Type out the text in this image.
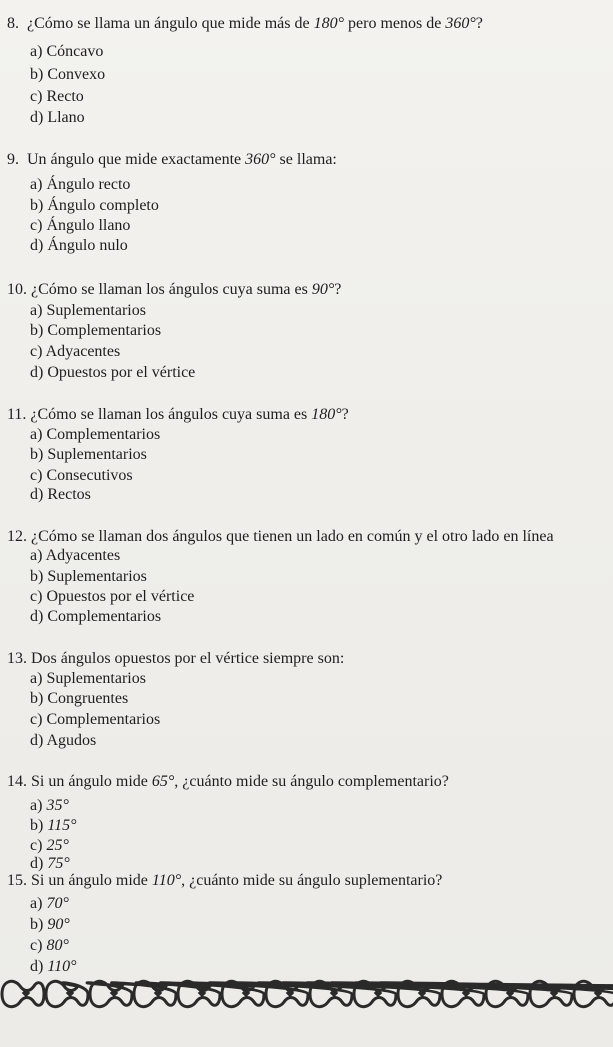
8. ¿Cómo se llama un ángulo que mide más de 180° pero menos de 360°?
a) Cóncavo
b) Convexo
c) Recto
d) Llano
9. Un ángulo que mide exactamente 360° se llama:
a) Ángulo recto
b) Ángulo completo
c) Ángulo llano
d) Ángulo nulo
10. ¿Cómo se llaman los ángulos cuya suma es 90°?
a) Suplementarios
b) Complementarios
c) Adyacentes
d) Opuestos por el vértice
11. ¿Cómo se llaman los ángulos cuya suma es 180°?
a) Complementarios
b) Suplementarios
c) Consecutivos
d) Rectos
12. ¿Cómo se llaman dos ángulos que tienen un lado en común y el otro lado en línea
a) Adyacentes
b) Suplementarios
c) Opuestos por el vértice
d) Complementarios
13. Dos ángulos opuestos por el vértice siempre son:
a) Suplementarios
b) Congruentes
c) Complementarios
d) Agudos
14. Si un ángulo mide 65°, ¿cuánto mide su ángulo complementario?
a) 35°
b) 115°
c) 25°
d) 75°
15. Si un ángulo mide 110°, ¿cuánto mide su ángulo suplementario?
a) 70°
b) 90°
c) 80°
d) 110°
